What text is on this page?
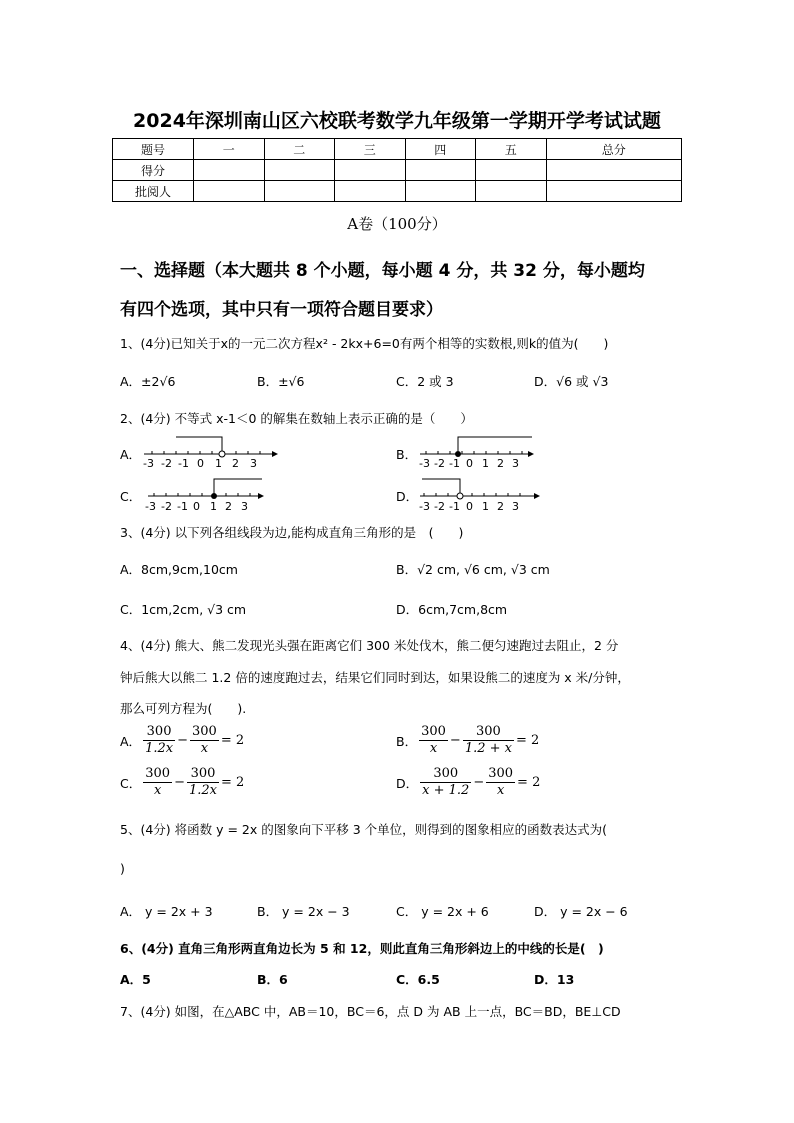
2024年深圳南山区六校联考数学九年级第一学期开学考试试题
题号	一	二	三	四	五	总分
得分						
批阅人						
A卷（100分）
一、选择题（本大题共 8 个小题，每小题 4 分，共 32 分，每小题均
有四个选项，其中只有一项符合题目要求）
1、(4分)已知关于x的一元二次方程x² - 2kx+6=0有两个相等的实数根,则k的值为(　　)
A．±2√6	B．±√6	C．2 或 3	D．√6 或 √3
2、(4分) 不等式 x-1＜0 的解集在数轴上表示正确的是（　　）
A．
-3 -2 -1 0 1 2 3
B．
-3 -2 -1 0 1 2 3
C．
-3 -2 -1 0 1 2 3
D．
-3 -2 -1 0 1 2 3
3、(4分) 以下列各组线段为边,能构成直角三角形的是　(　　)
A．8cm,9cm,10cm	B．√2 cm, √6 cm, √3 cm
C．1cm,2cm, √3 cm	D．6cm,7cm,8cm
4、(4分) 熊大、熊二发现光头强在距离它们 300 米处伐木，熊二便匀速跑过去阻止，2 分
钟后熊大以熊二 1.2 倍的速度跑过去，结果它们同时到达，如果设熊二的速度为 x 米/分钟，
那么可列方程为(　　).
A． $\frac{300}{1.2x} - \frac{300}{x} = 2$	B． $\frac{300}{x} - \frac{300}{1.2 + x} = 2$
C． $\frac{300}{x} - \frac{300}{1.2x} = 2$	D． $\frac{300}{x + 1.2} - \frac{300}{x} = 2$
5、(4分) 将函数 y = 2x 的图象向下平移 3 个单位，则得到的图象相应的函数表达式为(
)
A． y = 2x + 3	B． y = 2x − 3	C． y = 2x + 6	D． y = 2x − 6
6、(4分) 直角三角形两直角边长为 5 和 12，则此直角三角形斜边上的中线的长是(　)
A．5	B．6	C．6.5	D．13
7、(4分) 如图，在△ABC 中，AB＝10，BC＝6，点 D 为 AB 上一点，BC＝BD，BE⊥CD
